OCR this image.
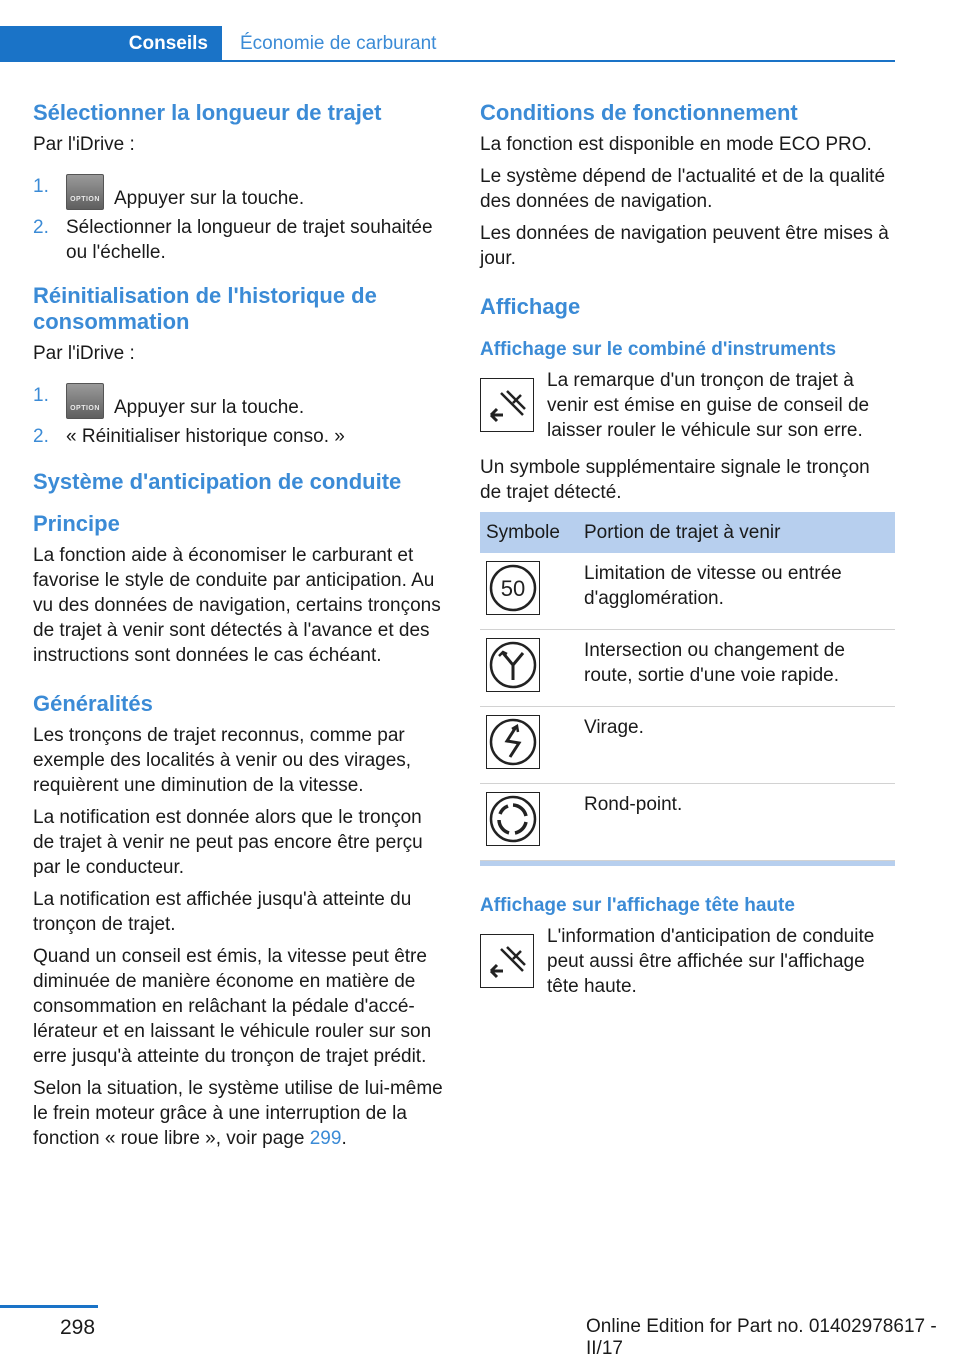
Conseils	Économie de carburant
Sélectionner la longueur de trajet

Par l'iDrive :

1.
OPTION Appuyer sur la touche.
2. Sélectionner la longueur de trajet souhaitée ou l'échelle.
Réinitialisation de l'historique de consommation

Par l'iDrive :

1.
OPTION Appuyer sur la touche.
2. « Réinitialiser historique conso. »
Système d'anticipation de conduite
Principe

La fonction aide à économiser le carburant et favorise le style de conduite par anticipation. Au vu des données de navigation, certains tronçons de trajet à venir sont détectés à l'avance et des instructions sont données le cas échéant.

Généralités

Les tronçons de trajet reconnus, comme par exemple des localités à venir ou des virages, requièrent une diminution de la vitesse.

La notification est donnée alors que le tronçon de trajet à venir ne peut pas encore être perçu par le conducteur.

La notification est affichée jusqu'à atteinte du tronçon de trajet.

Quand un conseil est émis, la vitesse peut être diminuée de manière économe en matière de consommation en relâchant la pédale d'accélérateur et en laissant le véhicule rouler sur son erre jusqu'à atteinte du tronçon de trajet prédit.

Selon la situation, le système utilise de lui-même le frein moteur grâce à une interruption de la fonction « roue libre », voir page 299.

Conditions de fonctionnement

La fonction est disponible en mode ECO PRO.

Le système dépend de l'actualité et de la qualité des données de navigation.

Les données de navigation peuvent être mises à jour.

Affichage
Affichage sur le combiné d'instruments
La remarque d'un tronçon de trajet à venir est émise en guise de conseil de laisser rouler le véhicule sur son erre.

Un symbole supplémentaire signale le tronçon de trajet détecté.

Symbole	Portion de trajet à venir

50	Limitation de vitesse ou entrée d'agglomération.

	Intersection ou changement de route, sortie d'une voie rapide.

	Virage.

	Rond-point.
Affichage sur l'affichage tête haute
L'information d'anticipation de conduite peut aussi être affichée sur l'affichage tête haute.
298	Online Edition for Part no. 01402978617 - II/17
